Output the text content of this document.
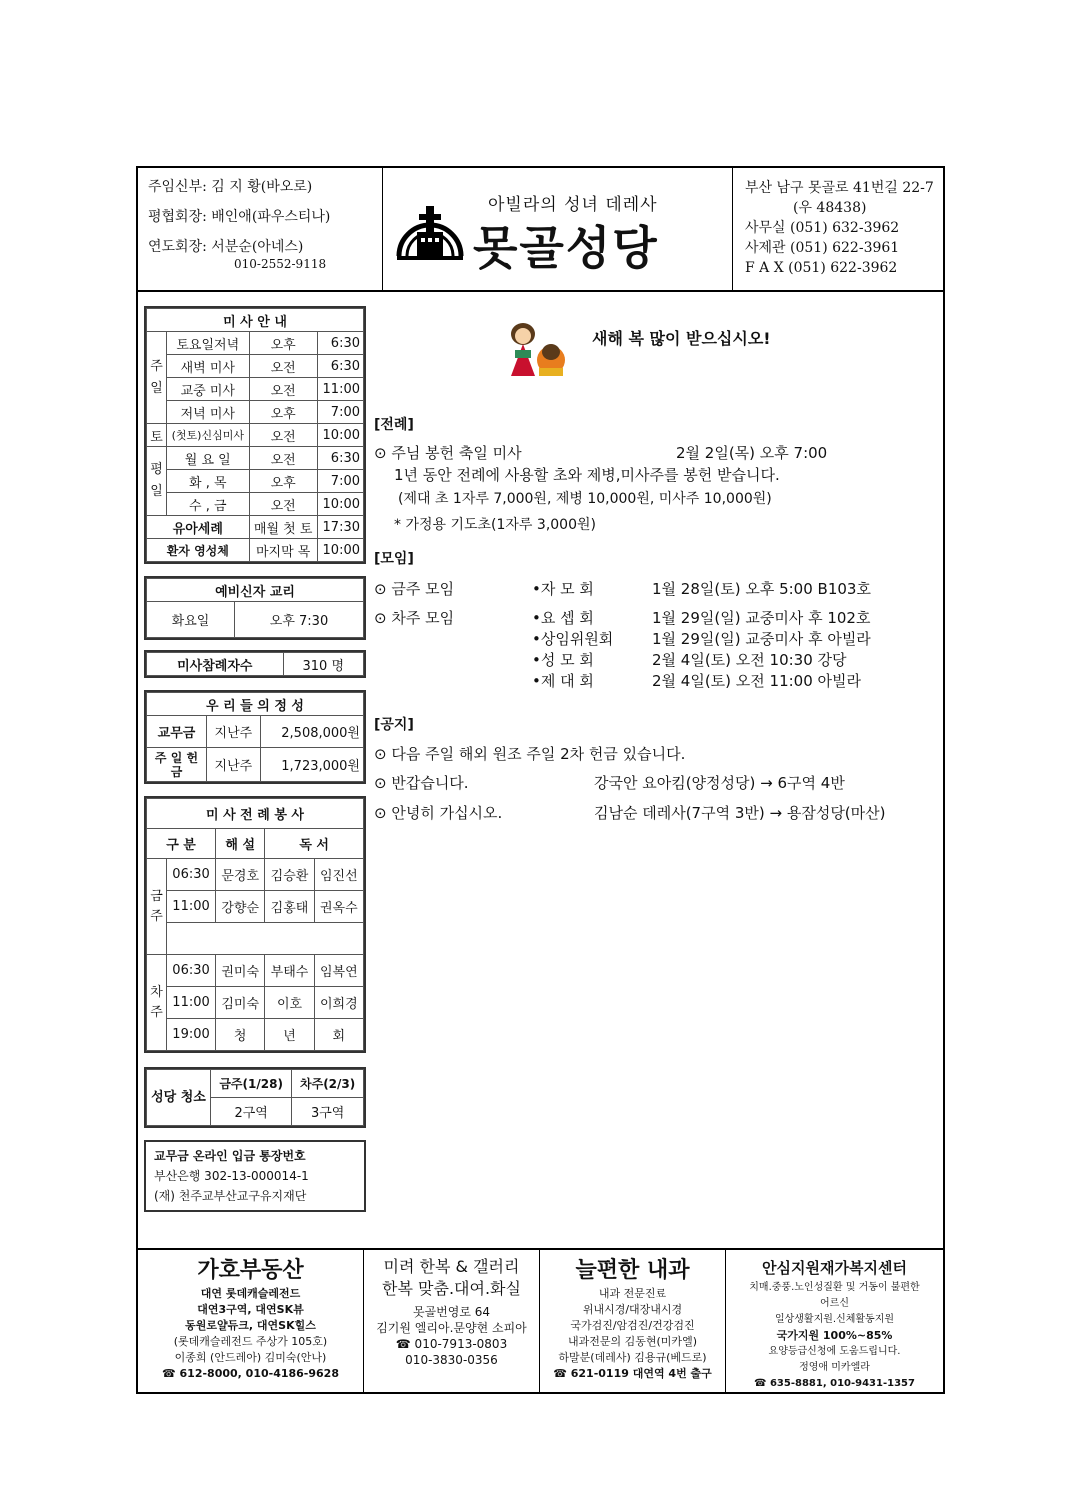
주임신부: 김 지 황(바오로)
평협회장: 배인애(파우스티나)
연도회장: 서분순(아네스)
010-2552-9118
아빌라의 성녀 데레사
못골성당
부산 남구 못골로 41번길 22-7
(우 48438)
사무실 (051) 632-3962
사제관 (051) 622-3961
F A X (051) 622-3962
미 사 안 내			
주일	토요일저녁	오후	6:30
	새벽 미사	오전	6:30
	교중 미사	오전	11:00
	저녁 미사	오후	7:00
토	(첫토)신심미사	오전	10:00
평일	월 요 일	오전	6:30
	화 , 목	오후	7:00
	수 , 금	오전	10:00
유아세례		매월 첫 토	17:30
환자 영성체		마지막 목	10:00
예비신자 교리
화요일	오후 7:30
미사참례자수	310 명
우 리 들 의 정 성		
교무금	지난주	2,508,000원
주 일 헌 금	지난주	1,723,000원
미 사 전 례 봉 사				
구 분		해 설	독 서	
금주	06:30	문경호	김승환	임진선
	11:00	강향순	김홍태	권옥수

차주	06:30	권미숙	부태수	임복연
	11:00	김미숙	이호	이희경
	19:00	청	년	회
성당 청소	금주(1/28)	차주(2/3)
	2구역	3구역
교무금 온라인 입금 통장번호
부산은행 302-13-000014-1
(재) 천주교부산교구유지재단
새해 복 많이 받으십시오!
[전례]
⊙ 주님 봉헌 축일 미사	2월 2일(목) 오후 7:00
1년 동안 전례에 사용할 초와 제병,미사주를 봉헌 받습니다.
(제대 초 1자루 7,000원, 제병 10,000원, 미사주 10,000원)
* 가정용 기도초(1자루 3,000원)
[모임]
⊙ 금주 모임	•자 모 회	1월 28일(토) 오후 5:00 B103호
⊙ 차주 모임	•요 셉 회	1월 29일(일) 교중미사 후 102호
•상임위원회	1월 29일(일) 교중미사 후 아빌라
•성 모 회	2월 4일(토) 오전 10:30 강당
•제 대 회	2월 4일(토) 오전 11:00 아빌라
[공지]
⊙ 다음 주일 해외 원조 주일 2차 헌금 있습니다.
⊙ 반갑습니다.	강국안 요아킴(양정성당) → 6구역 4반
⊙ 안녕히 가십시오.	김남순 데레사(7구역 3반) → 용잠성당(마산)
가호부동산
대연 롯데캐슬레전드
대연3구역, 대연SK뷰
동원로얄듀크, 대연SK힐스
(롯데캐슬레전드 주상가 105호)
이종희 (안드레아) 김미숙(안나)
☎ 612-8000, 010-4186-9628
미려 한복 & 갤러리
한복 맞춤.대여.화실
못골번영로 64
김기원 엘리아.문양현 소피아
☎ 010-7913-0803
010-3830-0356
늘편한 내과
내과 전문진료
위내시경/대장내시경
국가검진/암검진/건강검진
내과전문의 김동현(미카엘)
하말분(데레사) 김용규(베드로)
☎ 621-0119 대연역 4번 출구
안심지원재가복지센터
치매.중풍.노인성질환 및 거동이 불편한
어르신
일상생활지원.신체활동지원
국가지원 100%~85%
요양등급신청에 도움드립니다.
정영애 미카엘라
☎ 635-8881, 010-9431-1357
